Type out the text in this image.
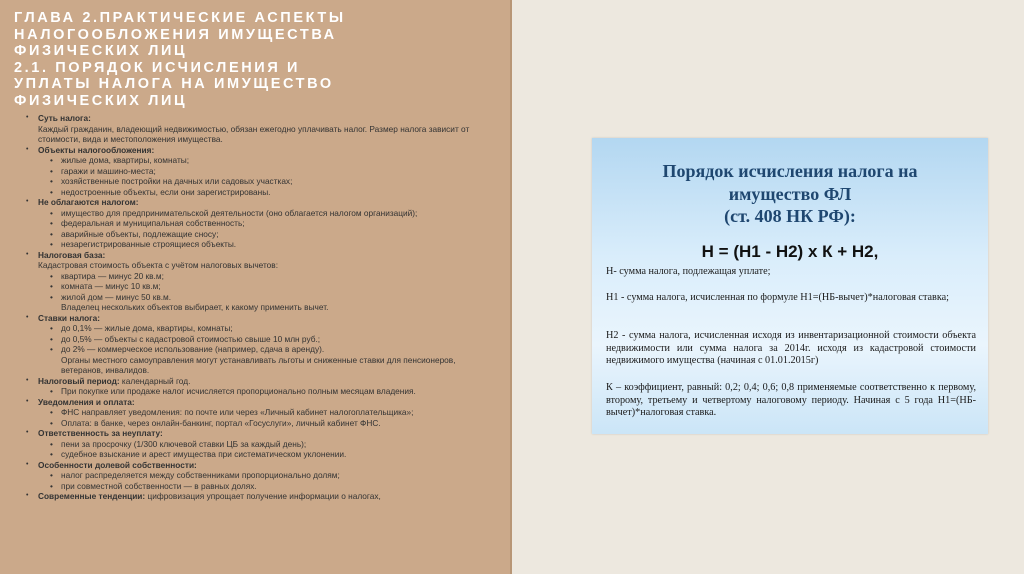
ГЛАВА 2.ПРАКТИЧЕСКИЕ АСПЕКТЫ
НАЛОГООБЛОЖЕНИЯ ИМУЩЕСТВА
ФИЗИЧЕСКИХ ЛИЦ
2.1. ПОРЯДОК ИСЧИСЛЕНИЯ И
УПЛАТЫ НАЛОГА НА ИМУЩЕСТВО
ФИЗИЧЕСКИХ ЛИЦ
• Суть налога:
Каждый гражданин, владеющий недвижимостью, обязан ежегодно уплачивать налог. Размер налога зависит от стоимости, вида и местоположения имущества.
• Объекты налогообложения:
• жилые дома, квартиры, комнаты;
• гаражи и машино-места;
• хозяйственные постройки на дачных или садовых участках;
• недостроенные объекты, если они зарегистрированы.
• Не облагаются налогом:
• имущество для предпринимательской деятельности (оно облагается налогом организаций);
• федеральная и муниципальная собственность;
• аварийные объекты, подлежащие сносу;
• незарегистрированные строящиеся объекты.
• Налоговая база:
Кадастровая стоимость объекта с учётом налоговых вычетов:
• квартира — минус 20 кв.м;
• комната — минус 10 кв.м;
• жилой дом — минус 50 кв.м.
Владелец нескольких объектов выбирает, к какому применить вычет.
• Ставки налога:
• до 0,1% — жилые дома, квартиры, комнаты;
• до 0,5% — объекты с кадастровой стоимостью свыше 10 млн руб.;
• до 2% — коммерческое использование (например, сдача в аренду).
Органы местного самоуправления могут устанавливать льготы и сниженные ставки для пенсионеров, ветеранов, инвалидов.
• Налоговый период: календарный год.
• При покупке или продаже налог исчисляется пропорционально полным месяцам владения.
• Уведомления и оплата:
• ФНС направляет уведомления: по почте или через «Личный кабинет налогоплательщика»;
• Оплата: в банке, через онлайн-банкинг, портал «Госуслуги», личный кабинет ФНС.
• Ответственность за неуплату:
• пени за просрочку (1/300 ключевой ставки ЦБ за каждый день);
• судебное взыскание и арест имущества при систематическом уклонении.
• Особенности долевой собственности:
• налог распределяется между собственниками пропорционально долям;
• при совместной собственности — в равных долях.
• Современные тенденции: цифровизация упрощает получение информации о налогах,
Порядок исчисления налога на
имущество ФЛ
(ст. 408 НК РФ):
Н = (Н1 - Н2) х К + Н2,
Н- сумма налога, подлежащая уплате;
Н1 - сумма налога, исчисленная по формуле Н1=(НБ-вычет)*налоговая ставка;
Н2 - сумма налога, исчисленная исходя из инвентаризационной стоимости объекта недвижимости или сумма налога за 2014г. исходя из кадастровой стоимости недвижимого имущества (начиная с 01.01.2015г)
К – коэффициент, равный: 0,2; 0,4; 0,6; 0,8 применяемые соответственно к первому, второму, третьему и четвертому налоговому периоду. Начиная с 5 года Н1=(НБ-вычет)*налоговая ставка.
